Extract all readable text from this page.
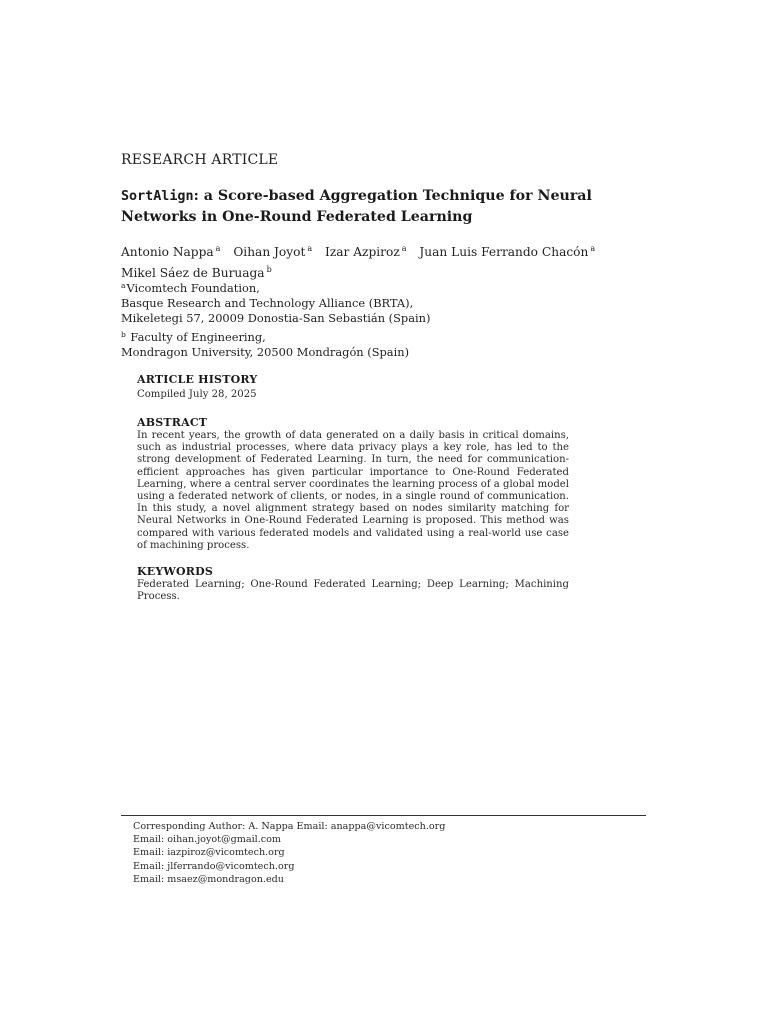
RESEARCH ARTICLE
SortAlign: a Score-based Aggregation Technique for Neural
Networks in One-Round Federated Learning
Antonio Nappa $^a$ Oihan Joyot $^a$ Izar Azpiroz $^a$ Juan Luis Ferrando Chacón $^a$
Mikel Sáez de Buruaga $^b$
$^a$Vicomtech Foundation,
Basque Research and Technology Alliance (BRTA),
Mikeletegi 57, 20009 Donostia-San Sebastián (Spain)
$^b$ Faculty of Engineering,
Mondragon University, 20500 Mondragón (Spain)
ARTICLE HISTORY

Compiled July 28, 2025

ABSTRACT

In recent years, the growth of data generated on a daily basis in critical domains, such as industrial processes, where data privacy plays a key role, has led to the strong development of Federated Learning. In turn, the need for communication-efficient approaches has given particular importance to One-Round Federated Learning, where a central server coordinates the learning process of a global model using a federated network of clients, or nodes, in a single round of communication. In this study, a novel alignment strategy based on nodes similarity matching for Neural Networks in One-Round Federated Learning is proposed. This method was compared with various federated models and validated using a real-world use case of machining process.

KEYWORDS

Federated Learning; One-Round Federated Learning; Deep Learning; Machining Process.

Corresponding Author: A. Nappa Email: anappa@vicomtech.org
Email: oihan.joyot@gmail.com
Email: iazpiroz@vicomtech.org
Email: jlferrando@vicomtech.org
Email: msaez@mondragon.edu
